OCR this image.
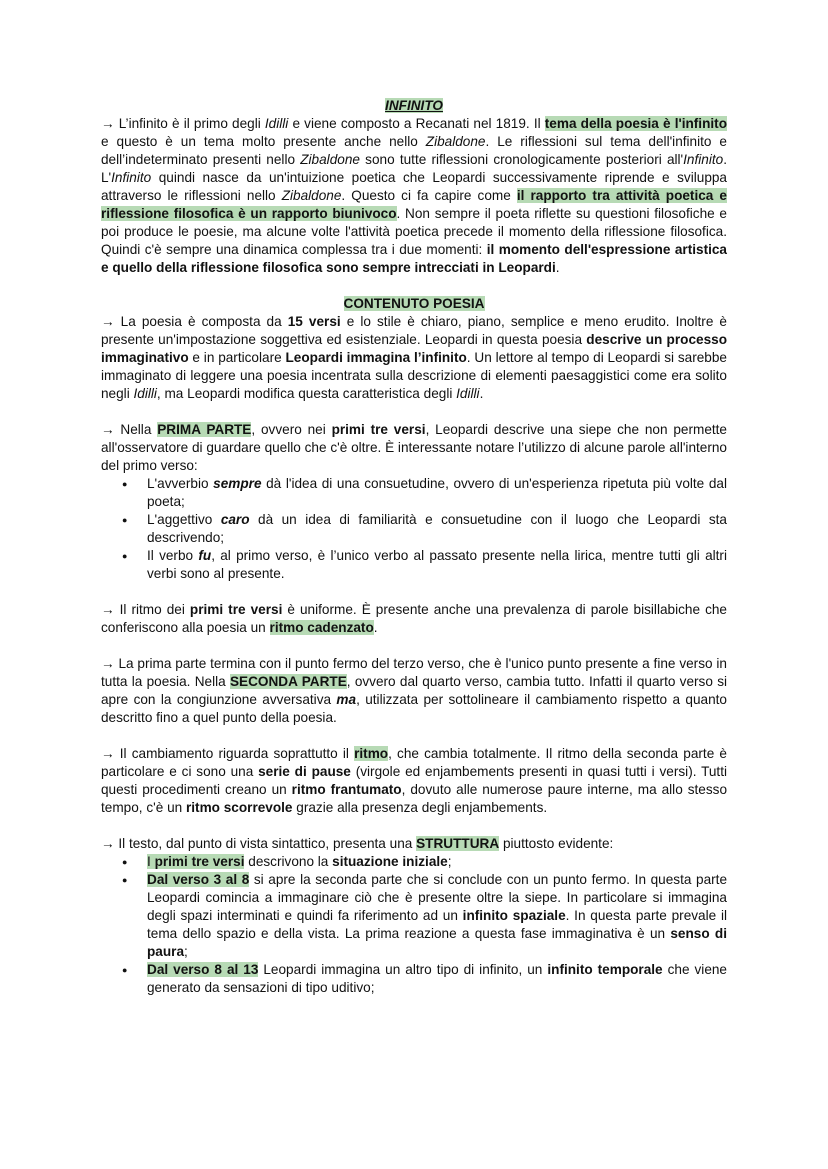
INFINITO

→ L’infinito è il primo degli Idilli e viene composto a Recanati nel 1819. Il tema della poesia è l'infinito e questo è un tema molto presente anche nello Zibaldone. Le riflessioni sul tema dell'infinito e dell’indeterminato presenti nello Zibaldone sono tutte riflessioni cronologicamente posteriori all'Infinito. L'Infinito quindi nasce da un'intuizione poetica che Leopardi successivamente riprende e sviluppa attraverso le riflessioni nello Zibaldone. Questo ci fa capire come il rapporto tra attività poetica e riflessione filosofica è un rapporto biunivoco. Non sempre il poeta riflette su questioni filosofiche e poi produce le poesie, ma alcune volte l'attività poetica precede il momento della riflessione filosofica. Quindi c'è sempre una dinamica complessa tra i due momenti: il momento dell'espressione artistica e quello della riflessione filosofica sono sempre intrecciati in Leopardi.

CONTENUTO POESIA

→ La poesia è composta da 15 versi e lo stile è chiaro, piano, semplice e meno erudito. Inoltre è presente un'impostazione soggettiva ed esistenziale. Leopardi in questa poesia descrive un processo immaginativo e in particolare Leopardi immagina l’infinito. Un lettore al tempo di Leopardi si sarebbe immaginato di leggere una poesia incentrata sulla descrizione di elementi paesaggistici come era solito negli Idilli, ma Leopardi modifica questa caratteristica degli Idilli.

→ Nella PRIMA PARTE, ovvero nei primi tre versi, Leopardi descrive una siepe che non permette all'osservatore di guardare quello che c'è oltre. È interessante notare l’utilizzo di alcune parole all'interno del primo verso:

● L'avverbio sempre dà l'idea di una consuetudine, ovvero di un'esperienza ripetuta più volte dal poeta;
● L'aggettivo caro dà un idea di familiarità e consuetudine con il luogo che Leopardi sta descrivendo;
● Il verbo fu, al primo verso, è l’unico verbo al passato presente nella lirica, mentre tutti gli altri verbi sono al presente.

→ Il ritmo dei primi tre versi è uniforme. È presente anche una prevalenza di parole bisillabiche che conferiscono alla poesia un ritmo cadenzato.

→ La prima parte termina con il punto fermo del terzo verso, che è l'unico punto presente a fine verso in tutta la poesia. Nella SECONDA PARTE, ovvero dal quarto verso, cambia tutto. Infatti il quarto verso si apre con la congiunzione avversativa ma, utilizzata per sottolineare il cambiamento rispetto a quanto descritto fino a quel punto della poesia.

→ Il cambiamento riguarda soprattutto il ritmo, che cambia totalmente. Il ritmo della seconda parte è particolare e ci sono una serie di pause (virgole ed enjambements presenti in quasi tutti i versi). Tutti questi procedimenti creano un ritmo frantumato, dovuto alle numerose paure interne, ma allo stesso tempo, c'è un ritmo scorrevole grazie alla presenza degli enjambements.

→ Il testo, dal punto di vista sintattico, presenta una STRUTTURA piuttosto evidente:

● I primi tre versi descrivono la situazione iniziale;
● Dal verso 3 al 8 si apre la seconda parte che si conclude con un punto fermo. In questa parte Leopardi comincia a immaginare ciò che è presente oltre la siepe. In particolare si immagina degli spazi interminati e quindi fa riferimento ad un infinito spaziale. In questa parte prevale il tema dello spazio e della vista. La prima reazione a questa fase immaginativa è un senso di paura;
● Dal verso 8 al 13 Leopardi immagina un altro tipo di infinito, un infinito temporale che viene generato da sensazioni di tipo uditivo;
